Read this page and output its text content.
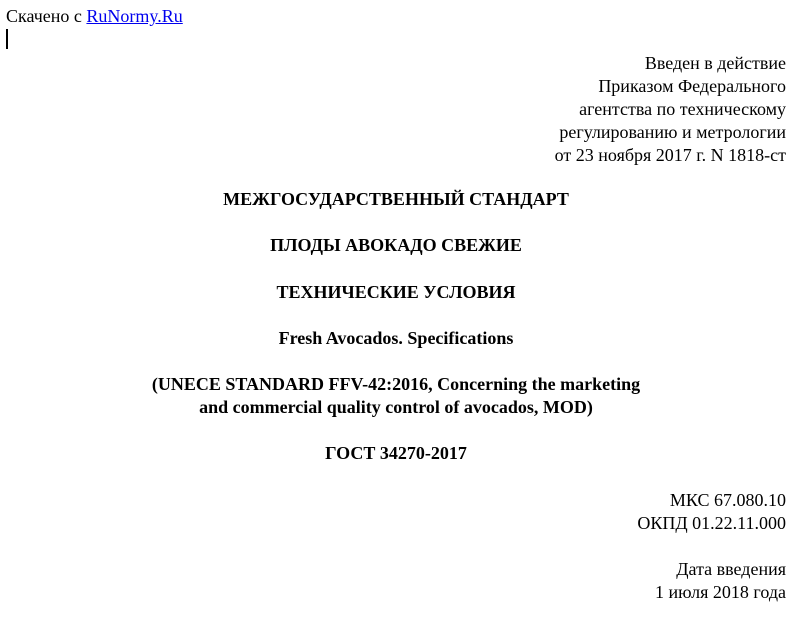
Скачено с RuNormy.Ru
Введен в действие
Приказом Федерального
агентства по техническому
регулированию и метрологии
от 23 ноября 2017 г. N 1818-ст
МЕЖГОСУДАРСТВЕННЫЙ СТАНДАРТ
ПЛОДЫ АВОКАДО СВЕЖИЕ
ТЕХНИЧЕСКИЕ УСЛОВИЯ
Fresh Avocados. Specifications
(UNECE STANDARD FFV-42:2016, Concerning the marketing
and commercial quality control of avocados, MOD)
ГОСТ 34270-2017
МКС 67.080.10
ОКПД 01.22.11.000
Дата введения
1 июля 2018 года
